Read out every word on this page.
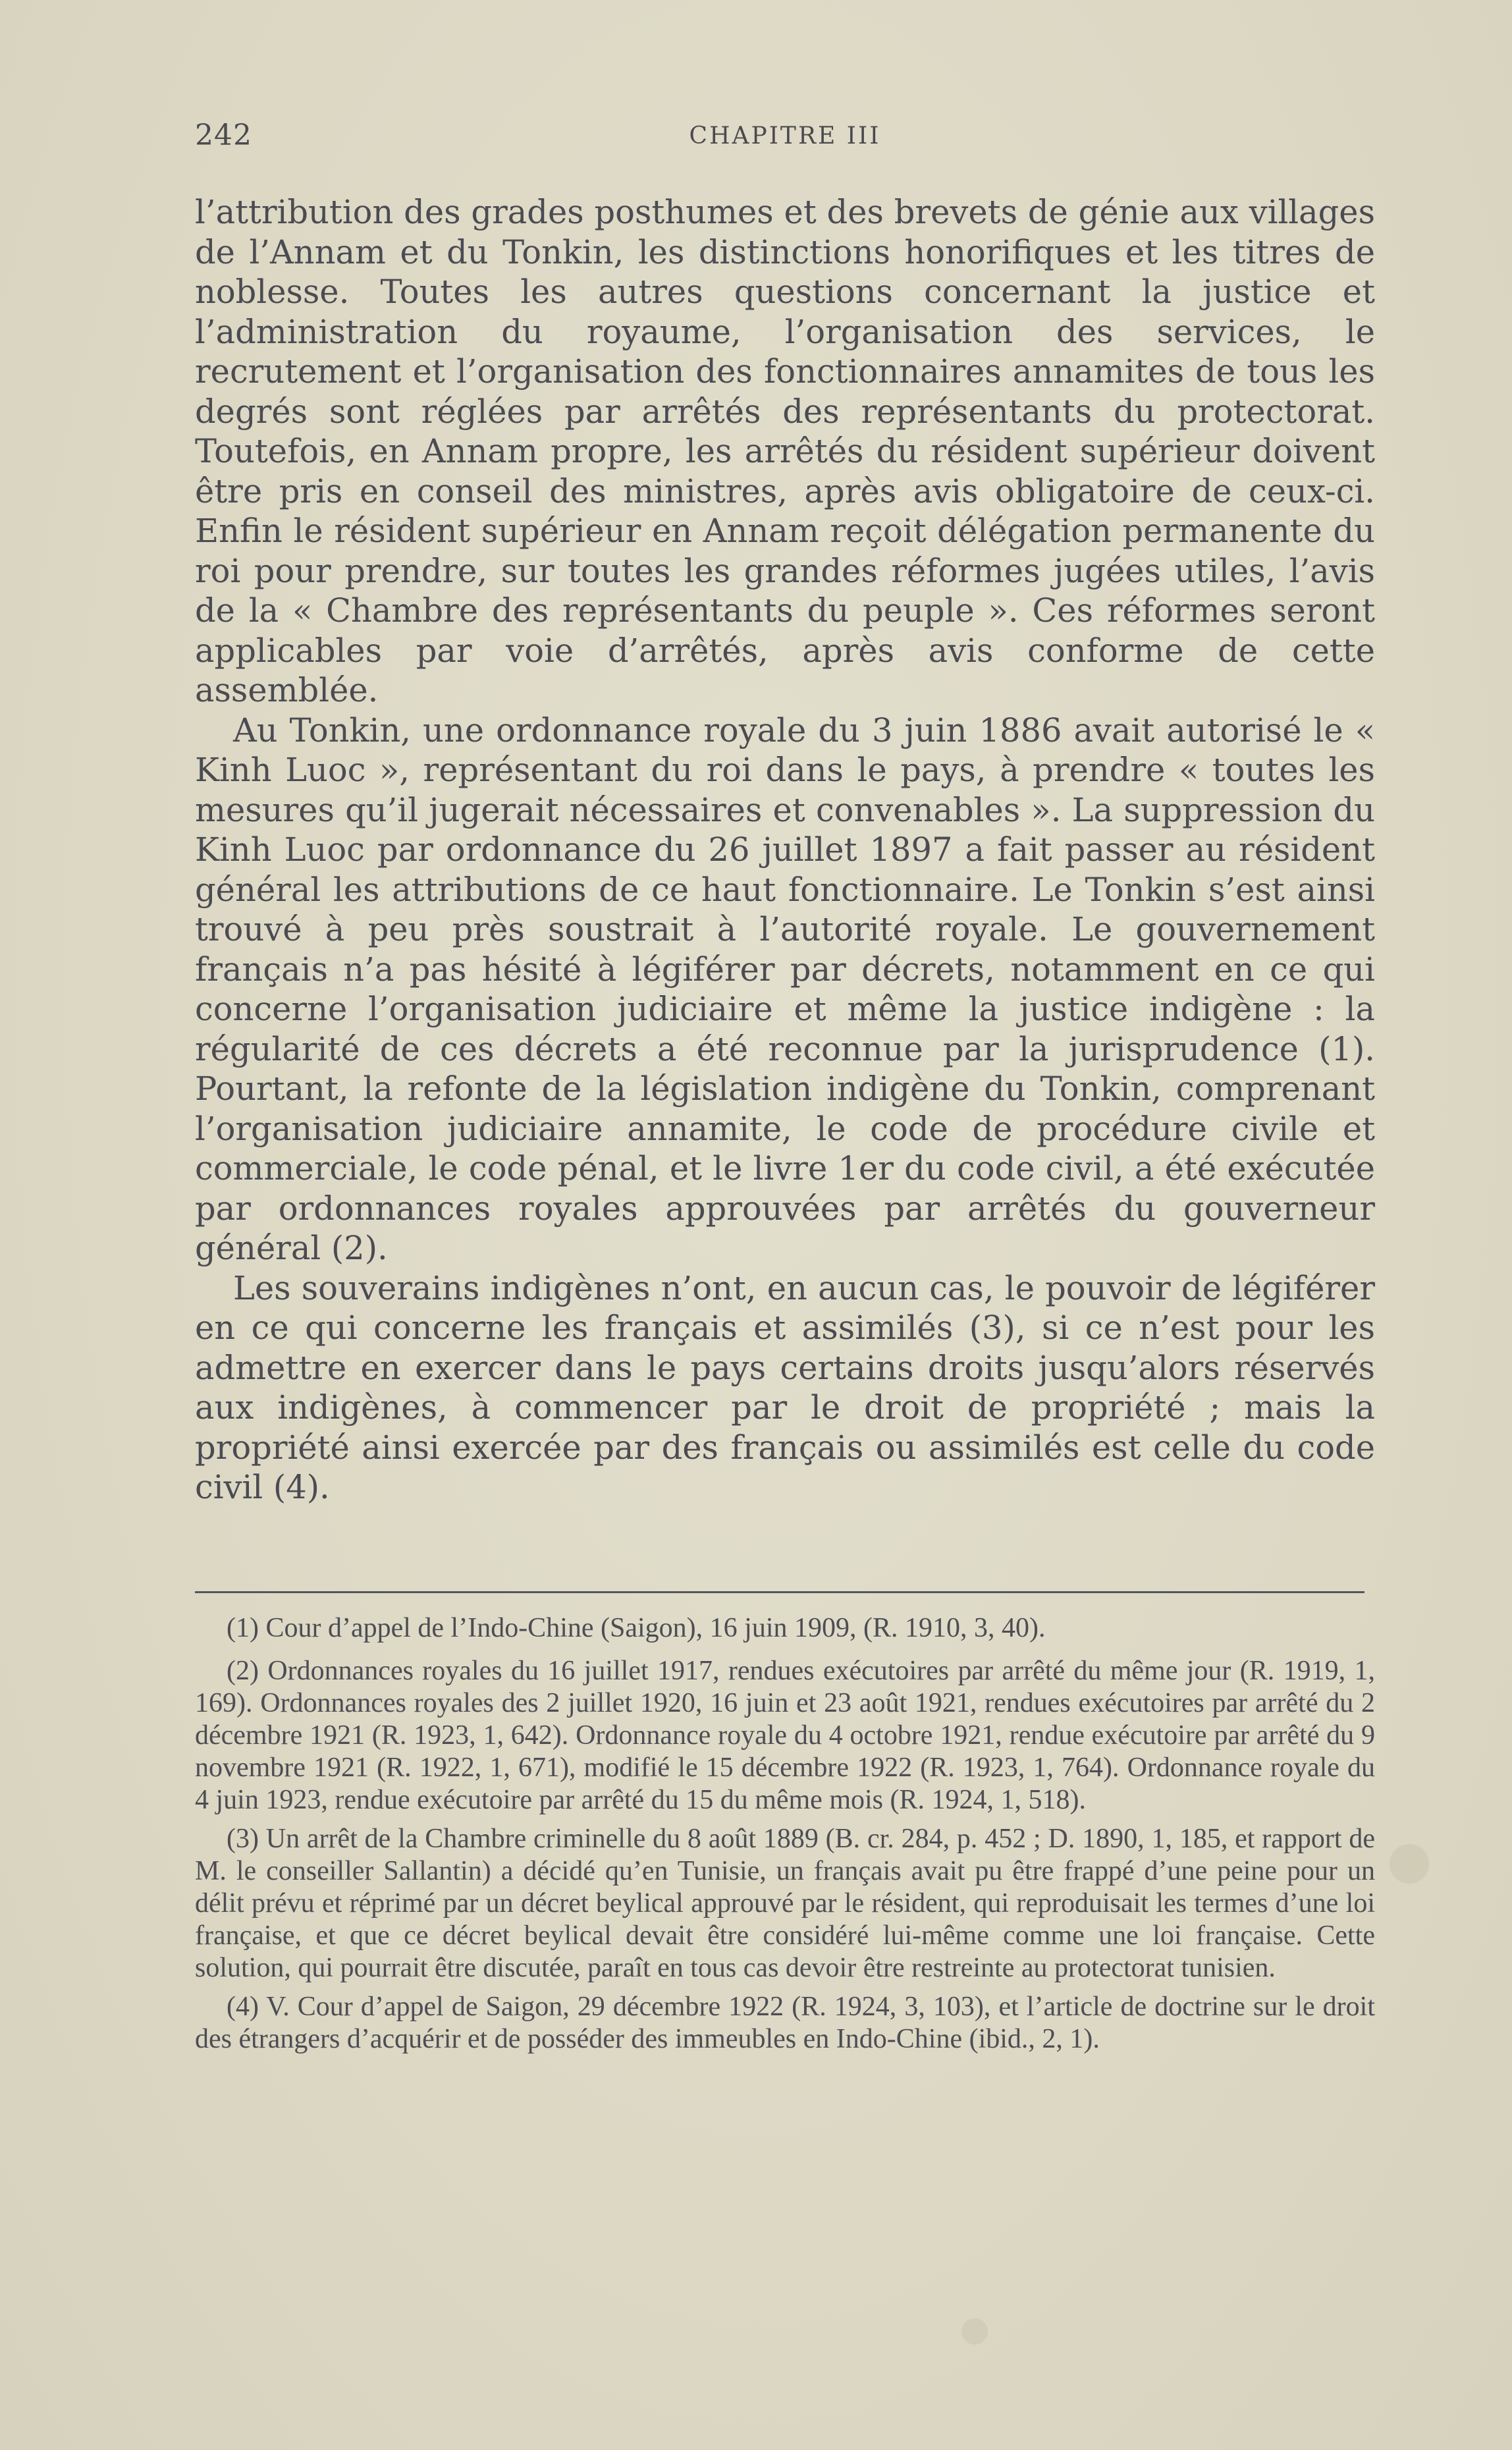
242	CHAPITRE III

l’attribution des grades posthumes et des brevets de génie aux villages de l’Annam et du Tonkin, les distinctions honorifiques et les titres de noblesse. Toutes les autres questions concernant la justice et l’administration du royaume, l’organisation des services, le recrutement et l’organisation des fonctionnaires annamites de tous les degrés sont réglées par arrêtés des représentants du protectorat. Toutefois, en Annam propre, les arrêtés du résident supérieur doivent être pris en conseil des ministres, après avis obligatoire de ceux-ci. Enfin le résident supérieur en Annam reçoit délégation permanente du roi pour prendre, sur toutes les grandes réformes jugées utiles, l’avis de la « Chambre des représentants du peuple ». Ces réformes seront applicables par voie d’arrêtés, après avis conforme de cette assemblée.

Au Tonkin, une ordonnance royale du 3 juin 1886 avait autorisé le « Kinh Luoc », représentant du roi dans le pays, à prendre « toutes les mesures qu’il jugerait nécessaires et convenables ». La suppression du Kinh Luoc par ordonnance du 26 juillet 1897 a fait passer au résident général les attributions de ce haut fonctionnaire. Le Tonkin s’est ainsi trouvé à peu près soustrait à l’autorité royale. Le gouvernement français n’a pas hésité à légiférer par décrets, notamment en ce qui concerne l’organisation judiciaire et même la justice indigène : la régularité de ces décrets a été reconnue par la jurisprudence (1). Pourtant, la refonte de la législation indigène du Tonkin, comprenant l’organisation judiciaire annamite, le code de procédure civile et commerciale, le code pénal, et le livre 1er du code civil, a été exécutée par ordonnances royales approuvées par arrêtés du gouverneur général (2).

Les souverains indigènes n’ont, en aucun cas, le pouvoir de légiférer en ce qui concerne les français et assimilés (3), si ce n’est pour les admettre en exercer dans le pays certains droits jusqu’alors réservés aux indigènes, à commencer par le droit de propriété ; mais la propriété ainsi exercée par des français ou assimilés est celle du code civil (4).

(1) Cour d’appel de l’Indo-Chine (Saigon), 16 juin 1909, (R. 1910, 3, 40).

(2) Ordonnances royales du 16 juillet 1917, rendues exécutoires par arrêté du même jour (R. 1919, 1, 169). Ordonnances royales des 2 juillet 1920, 16 juin et 23 août 1921, rendues exécutoires par arrêté du 2 décembre 1921 (R. 1923, 1, 642). Ordonnance royale du 4 octobre 1921, rendue exécutoire par arrêté du 9 novembre 1921 (R. 1922, 1, 671), modifié le 15 décembre 1922 (R. 1923, 1, 764). Ordonnance royale du 4 juin 1923, rendue exécutoire par arrêté du 15 du même mois (R. 1924, 1, 518).

(3) Un arrêt de la Chambre criminelle du 8 août 1889 (B. cr. 284, p. 452 ; D. 1890, 1, 185, et rapport de M. le conseiller Sallantin) a décidé qu’en Tunisie, un français avait pu être frappé d’une peine pour un délit prévu et réprimé par un décret beylical approuvé par le résident, qui reproduisait les termes d’une loi française, et que ce décret beylical devait être considéré lui-même comme une loi française. Cette solution, qui pourrait être discutée, paraît en tous cas devoir être restreinte au protectorat tunisien.

(4) V. Cour d’appel de Saigon, 29 décembre 1922 (R. 1924, 3, 103), et l’article de doctrine sur le droit des étrangers d’acquérir et de posséder des immeubles en Indo-Chine (ibid., 2, 1).
